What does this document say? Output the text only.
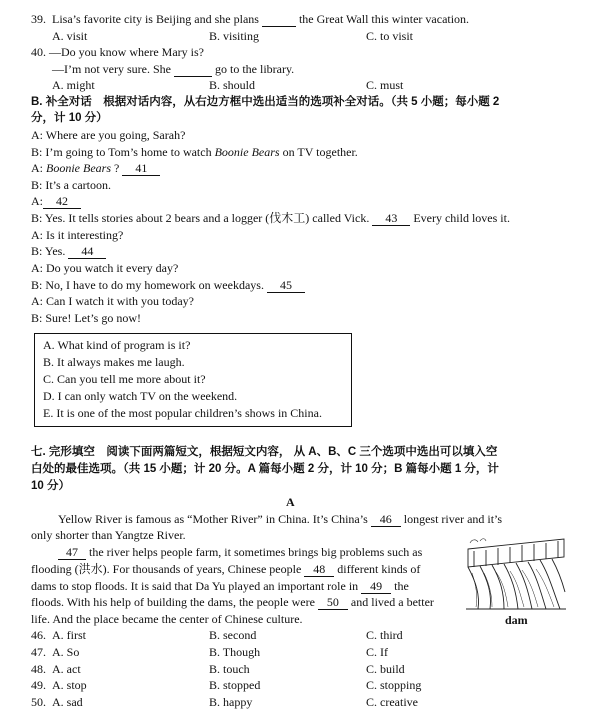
39. Lisa’s favorite city is Beijing and she plans	the Great Wall this winter vacation.
A. visit	B. visiting	C. to visit
40. —Do you know where Mary is?
—I’m not very sure. She	go to the library.
A. might	B. should	C. must
B. 补全对话　根据对话内容，从右边方框中选出适当的选项补全对话。（共 5 小题；每小题 2
分，计 10 分）
A: Where are you going, Sarah?
B: I’m going to Tom’s home to watch Boonie Bears on TV together.
A: Boonie Bears ? 41
B: It’s a cartoon.
A: 42
B: Yes. It tells stories about 2 bears and a logger (伐木工) called Vick. 43 Every child loves it.
A: Is it interesting?
B: Yes. 44
A: Do you watch it every day?
B: No, I have to do my homework on weekdays. 45
A: Can I watch it with you today?
B: Sure! Let’s go now!
A. What kind of program is it?
B. It always makes me laugh.
C. Can you tell me more about it?
D. I can only watch TV on the weekend.
E. It is one of the most popular children’s shows in China.
七. 完形填空　阅读下面两篇短文，根据短文内容， 从 A、B、C 三个选项中选出可以填入空
白处的最佳选项。（共 15 小题；计 20 分。A 篇每小题 2 分，计 10 分；B 篇每小题 1 分，计
10 分）
A
Yellow River is famous as “Mother River” in China. It’s China’s 46 longest river and it’s
only shorter than Yangtze River.
47 the river helps people farm, it sometimes brings big problems such as
flooding (洪水). For thousands of years, Chinese people 48 different kinds of
dams to stop floods. It is said that Da Yu played an important role in 49 the
floods. With his help of building the dams, the people were 50 and lived a better
life. And the place became the center of Chinese culture.	dam
46. A. first	B. second	C. third
47. A. So	B. Though	C. If
48. A. act	B. touch	C. build
49. A. stop	B. stopped	C. stopping
50. A. sad	B. happy	C. creative
